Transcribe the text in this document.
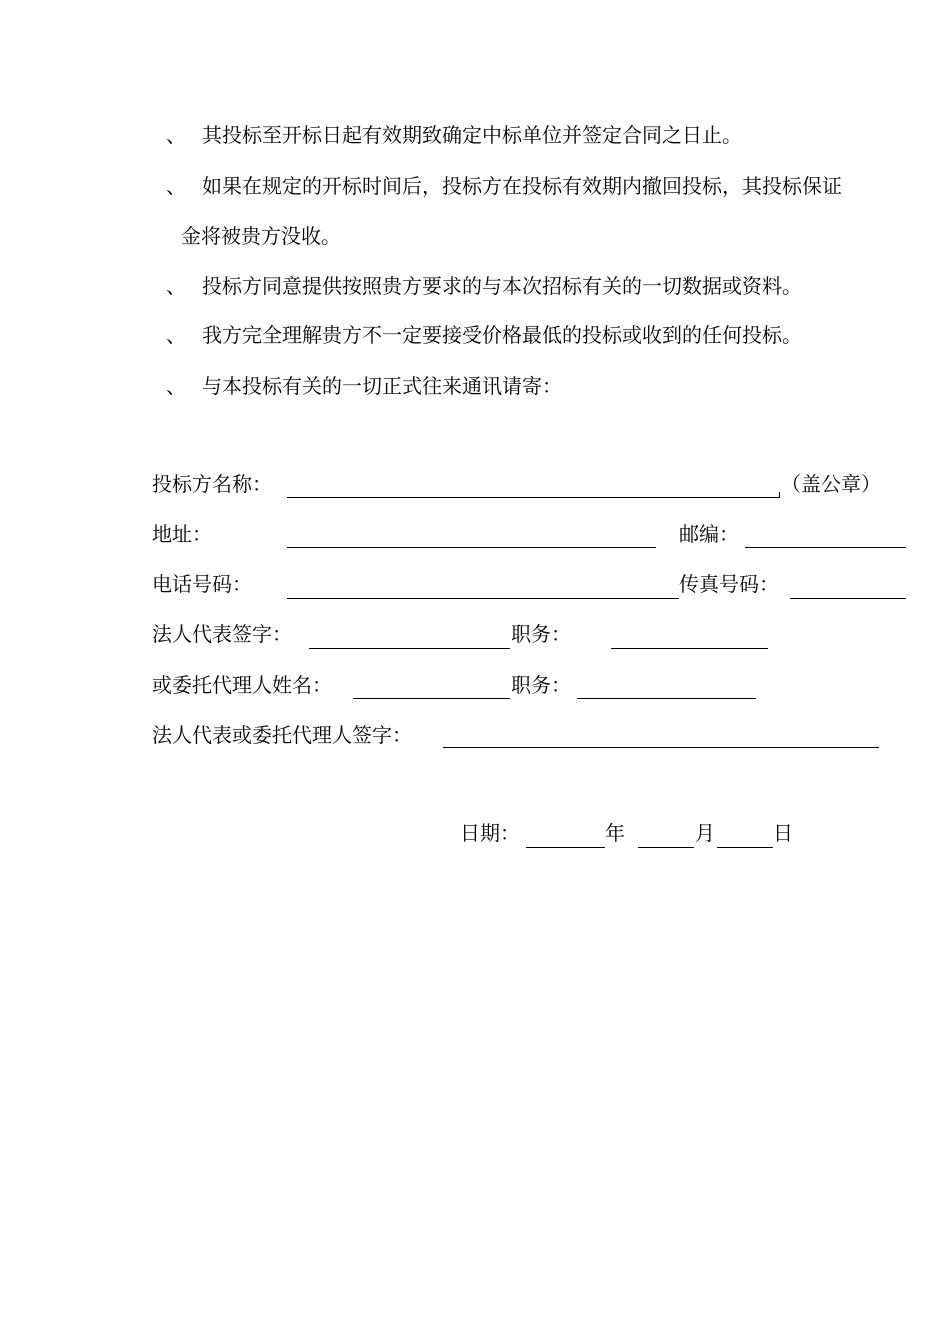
、 其投标至开标日起有效期致确定中标单位并签定合同之日止。
、 如果在规定的开标时间后，投标方在投标有效期内撤回投标，其投标保证
金将被贵方没收。
、 投标方同意提供按照贵方要求的与本次招标有关的一切数据或资料。
、 我方完全理解贵方不一定要接受价格最低的投标或收到的任何投标。
、 与本投标有关的一切正式往来通讯请寄：
投标方名称：	（盖公章）
地址：	邮编：
电话号码：	传真号码：
法人代表签字：	职务：
或委托代理人姓名：	职务：
法人代表或委托代理人签字：
日期：	年	月	日
